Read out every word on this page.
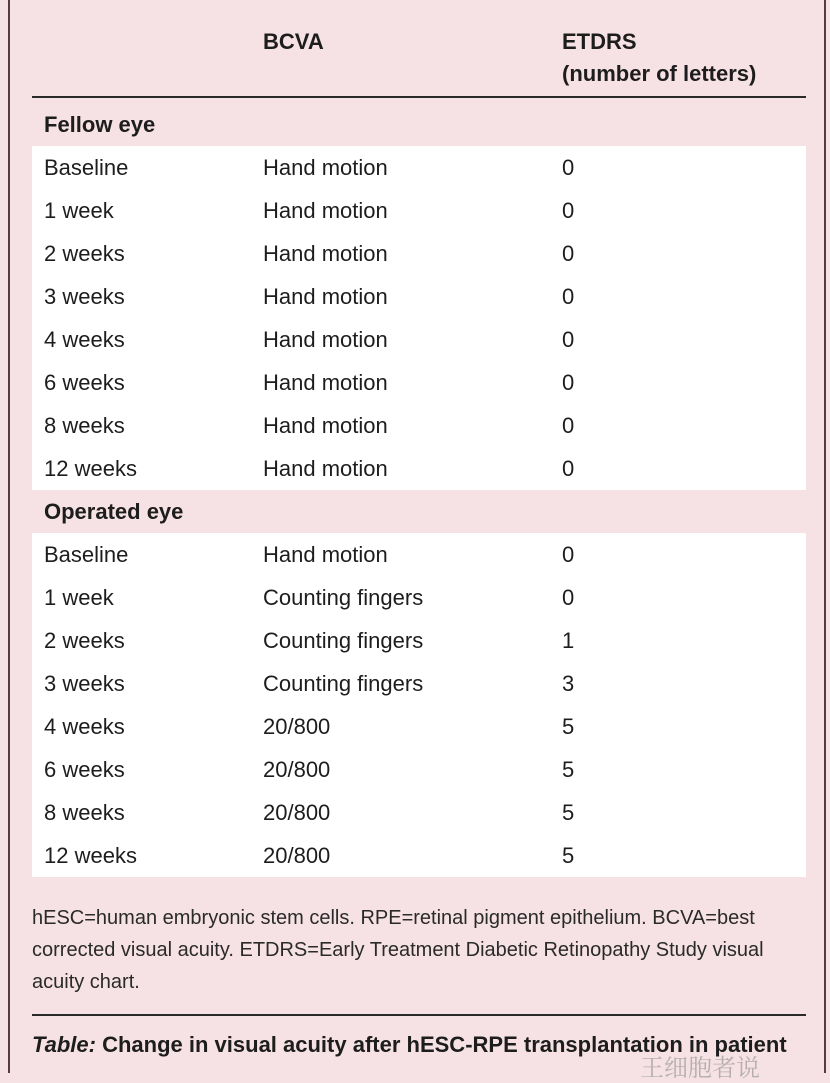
BCVA	ETDRS
(number of letters)
Fellow eye
Baseline	Hand motion	0
1 week	Hand motion	0
2 weeks	Hand motion	0
3 weeks	Hand motion	0
4 weeks	Hand motion	0
6 weeks	Hand motion	0
8 weeks	Hand motion	0
12 weeks	Hand motion	0
Operated eye
Baseline	Hand motion	0
1 week	Counting fingers	0
2 weeks	Counting fingers	1
3 weeks	Counting fingers	3
4 weeks	20/800	5
6 weeks	20/800	5
8 weeks	20/800	5
12 weeks	20/800	5
hESC=human embryonic stem cells. RPE=retinal pigment epithelium. BCVA=best corrected visual acuity. ETDRS=Early Treatment Diabetic Retinopathy Study visual acuity chart.
Table: Change in visual acuity after hESC-RPE transplantation in patient
王细胞者说
